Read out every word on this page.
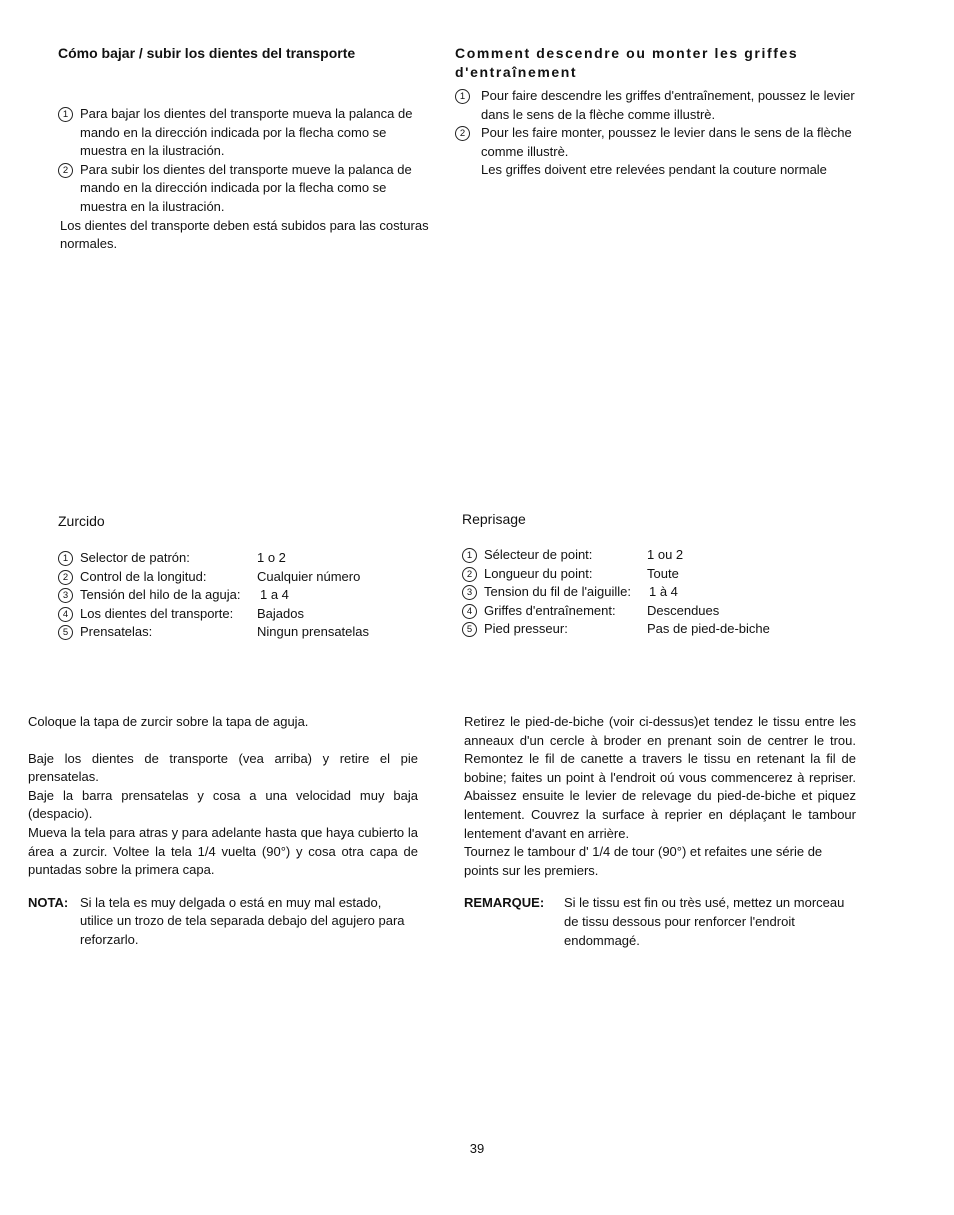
Cómo bajar / subir los dientes del transporte
1 Para bajar los dientes del transporte mueva la palanca de mando en la dirección indicada por la flecha como se muestra en la ilustración.
2 Para subir los dientes del transporte mueve la palanca de mando en la dirección indicada por la flecha como se muestra en la ilustración.
Los dientes del transporte deben está subidos para las costuras normales.
Comment descendre ou monter les griffes d'entraînement
1	Pour faire descendre les griffes d'entraînement, poussez le levier dans le sens de la flèche comme illustrè.
2	Pour les faire monter, poussez le levier dans le sens de la flèche comme illustrè.
Les griffes doivent etre relevées pendant la couture normale
Zurcido
1 Selector de patrón:	1 o 2
2 Control de la longitud:	Cualquier número
3 Tensión del hilo de la aguja:	1 a 4
4 Los dientes del transporte:	Bajados
5 Prensatelas:	Ningun prensatelas
Reprisage
1 Sélecteur de point:	1 ou 2
2 Longueur du point:	Toute
3 Tension du fil de l'aiguille:	1 à 4
4 Griffes d'entraînement:	Descendues
5 Pied presseur:	Pas de pied-de-biche

Coloque la tapa de zurcir sobre la tapa de aguja.

Baje los dientes de transporte (vea arriba) y retire el pie prensatelas.

Baje la barra prensatelas y cosa a una velocidad muy baja (despacio).

Mueva la tela para atras y para adelante hasta que haya cubierto la área a zurcir. Voltee la tela 1/4 vuelta (90°) y cosa otra capa de puntadas sobre la primera capa.

NOTA: Si la tela es muy delgada o está en muy mal estado, utilice un trozo de tela separada debajo del agujero para reforzarlo.

Retirez le pied-de-biche (voir ci-dessus)et tendez le tissu entre les anneaux d'un cercle à broder en prenant soin de centrer le trou. Remontez le fil de canette a travers le tissu en retenant la fil de bobine; faites un point à l'endroit oú vous commencerez à repriser. Abaissez ensuite le levier de relevage du pied-de-biche et piquez lentement. Couvrez la surface à reprier en déplaçant le tambour lentement d'avant en arrière.

Tournez le tambour d' 1/4 de tour (90°) et refaites une série de points sur les premiers.

REMARQUE:	Si le tissu est fin ou très usé, mettez un morceau de tissu dessous pour renforcer l'endroit endommagé.
39
